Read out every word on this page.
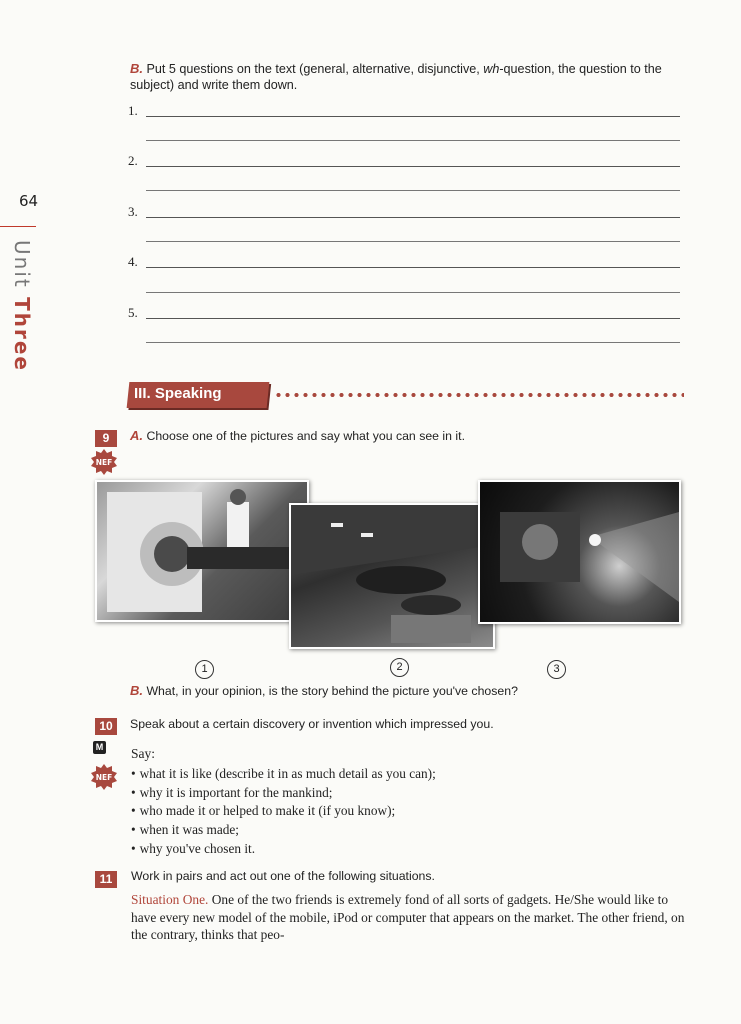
64
Unit Three
B. Put 5 questions on the text (general, alternative, disjunctive, wh-question, the question to the subject) and write them down.
1.
2.
3.
4.
5.
III. Speaking
9	A. Choose one of the pictures and say what you can see in it.
NEF
1	2	3
B. What, in your opinion, is the story behind the picture you've chosen?
10	Speak about a certain discovery or invention which impressed you.
M Say:
NEF
•	what it is like (describe it in as much detail as you can);
• why it is important for the mankind;
• who made it or helped to make it (if you know);
• when it was made;
• why you've chosen it.
11	Work in pairs and act out one of the following situations.
Situation One. One of the two friends is extremely fond of all sorts of gadgets. He/She would like to have every new model of the mobile, iPod or computer that appears on the market. The other friend, on the contrary, thinks that peo-
